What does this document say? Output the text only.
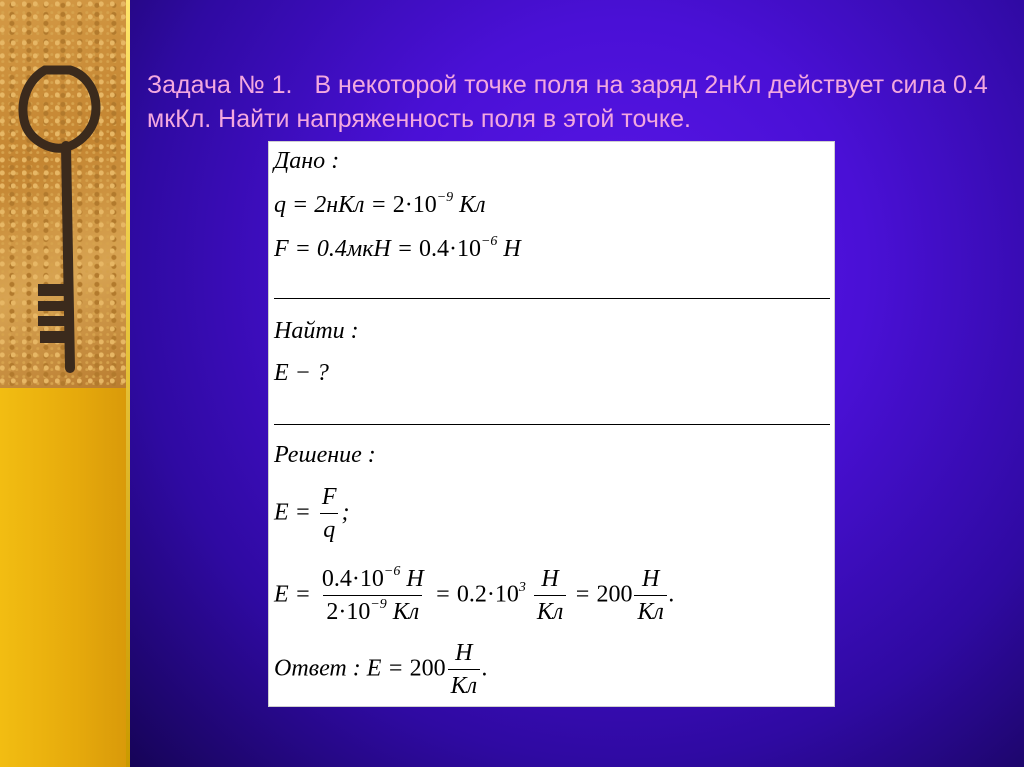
Задача № 1. В некоторой точке поля на заряд 2нКл действует сила 0.4 мкКл. Найти напряженность поля в этой точке.
Дано :
$q = 2нКл = 2\cdot 10^{-9}$ Кл
$F = 0.4мкН = 0.4\cdot 10^{-6}$ Н
Найти :
E − ?
Решение :
$E = \frac{F}{q}$ ;
$E = \frac{0.4\cdot 10^{-6} Н}{2\cdot 10^{-9} Кл} = 0.2\cdot 10^3 \frac{Н}{Кл} = 200 \frac{Н}{Кл}$ .
Ответ : $E = 200 \frac{Н}{Кл}$ .
